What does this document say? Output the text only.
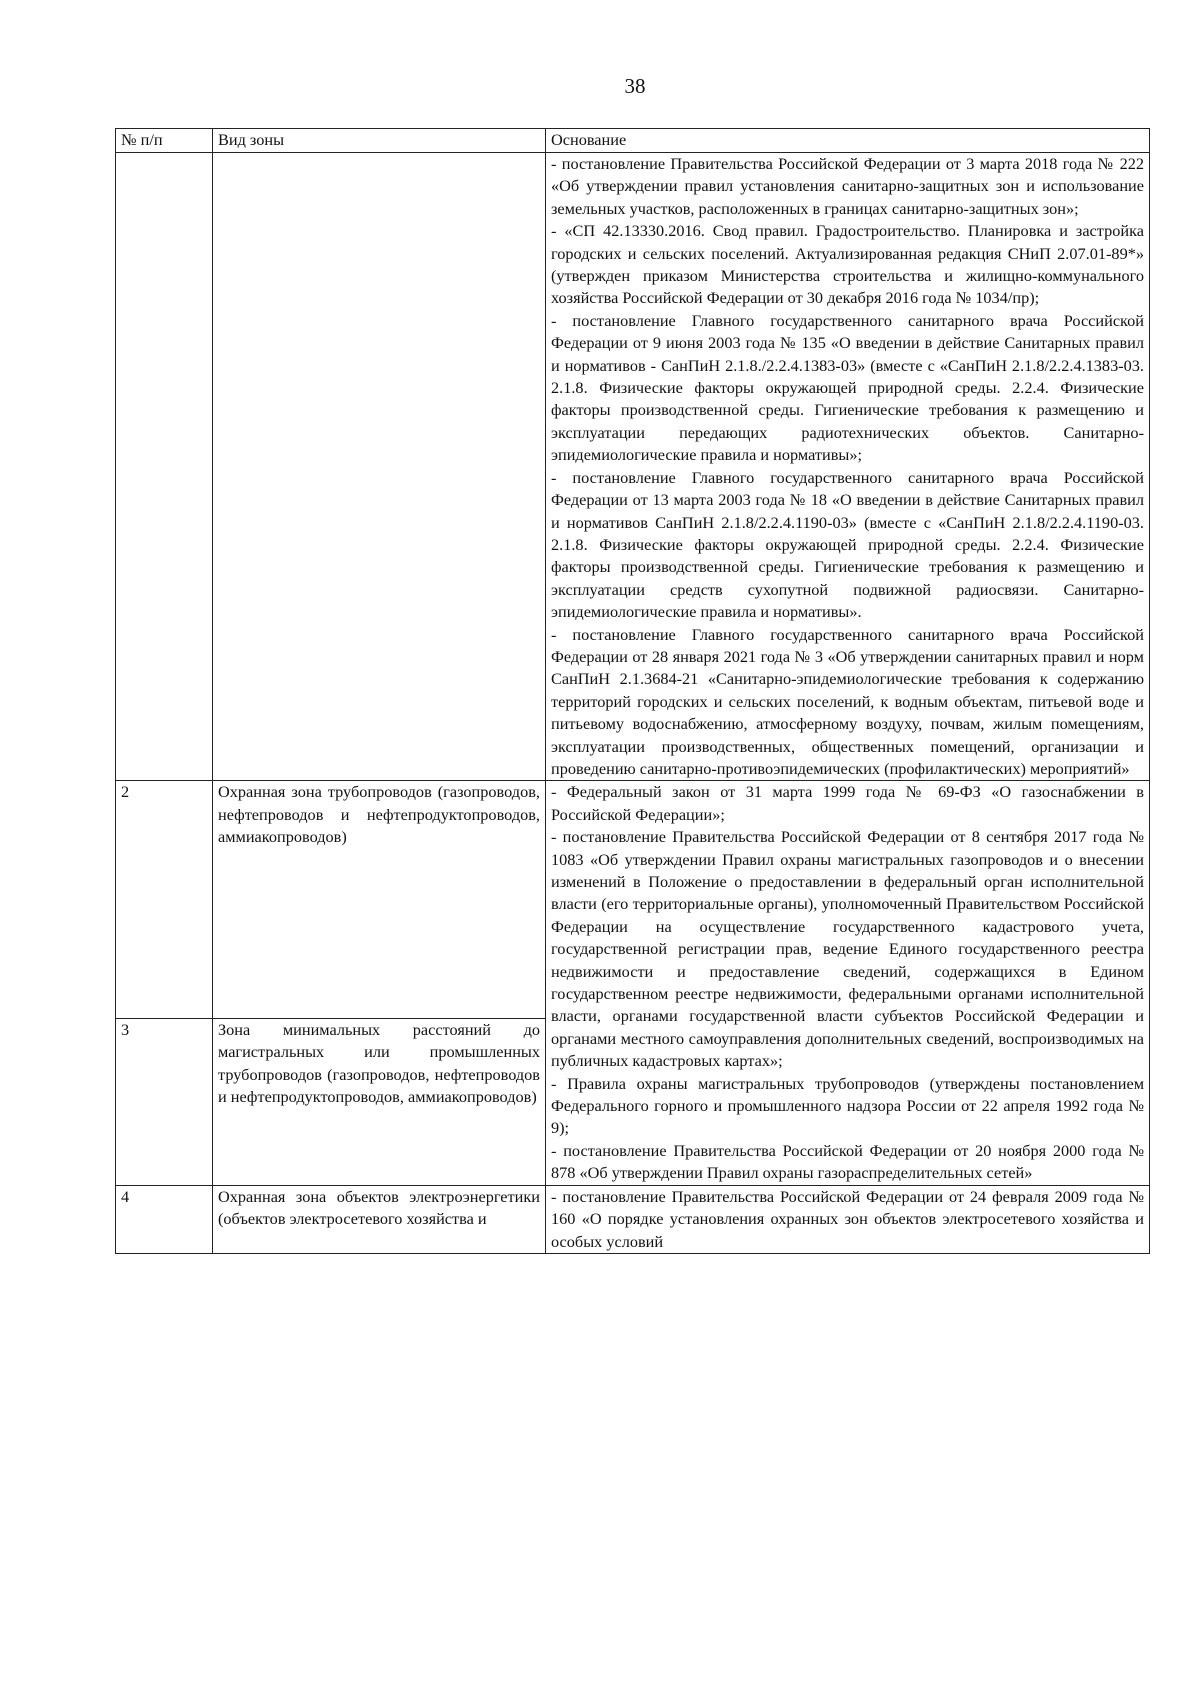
38
№ п/п	Вид зоны	Основание

		- постановление Правительства Российской Федерации от 3 марта 2018 года № 222 «Об утверждении правил установления санитарно-защитных зон и использование земельных участков, расположенных в границах санитарно-защитных зон»;
- «СП 42.13330.2016. Свод правил. Градостроительство. Планировка и застройка городских и сельских поселений. Актуализированная редакция СНиП 2.07.01-89*» (утвержден приказом Министерства строительства и жилищно-коммунального хозяйства Российской Федерации от 30 декабря 2016 года № 1034/пр);
- постановление Главного государственного санитарного врача Российской Федерации от 9 июня 2003 года № 135 «О введении в действие Санитарных правил и нормативов - СанПиН 2.1.8./2.2.4.1383-03» (вместе с «СанПиН 2.1.8/2.2.4.1383-03. 2.1.8. Физические факторы окружающей природной среды. 2.2.4. Физические факторы производственной среды. Гигиенические требования к размещению и эксплуатации передающих радиотехнических объектов. Санитарно-эпидемиологические правила и нормативы»;
- постановление Главного государственного санитарного врача Российской Федерации от 13 марта 2003 года № 18 «О введении в действие Санитарных правил и нормативов СанПиН 2.1.8/2.2.4.1190-03» (вместе с «СанПиН 2.1.8/2.2.4.1190-03. 2.1.8. Физические факторы окружающей природной среды. 2.2.4. Физические факторы производственной среды. Гигиенические требования к размещению и эксплуатации средств сухопутной подвижной радиосвязи. Санитарно-эпидемиологические правила и нормативы».
- постановление Главного государственного санитарного врача Российской Федерации от 28 января 2021 года № 3 «Об утверждении санитарных правил и норм СанПиН 2.1.3684-21 «Санитарно-эпидемиологические требования к содержанию территорий городских и сельских поселений, к водным объектам, питьевой воде и питьевому водоснабжению, атмосферному воздуху, почвам, жилым помещениям, эксплуатации производственных, общественных помещений, организации и проведению санитарно-противоэпидемических (профилактических) мероприятий»

2	Охранная зона трубопроводов (газопроводов, нефтепроводов и нефтепродуктопроводов, аммиакопроводов)	- Федеральный закон от 31 марта 1999 года № 69-ФЗ «О газоснабжении в Российской Федерации»;
- постановление Правительства Российской Федерации от 8 сентября 2017 года № 1083 «Об утверждении Правил охраны магистральных газопроводов и о внесении изменений в Положение о предоставлении в федеральный орган исполнительной власти (его территориальные органы), уполномоченный Правительством Российской Федерации на осуществление государственного кадастрового учета, государственной регистрации прав, ведение Единого государственного реестра недвижимости и предоставление сведений, содержащихся в Едином государственном реестре недвижимости, федеральными органами исполнительной власти, органами государственной власти субъектов Российской Федерации и органами местного самоуправления дополнительных сведений, воспроизводимых на публичных кадастровых картах»;
- Правила охраны магистральных трубопроводов (утверждены постановлением Федерального горного и промышленного надзора России от 22 апреля 1992 года № 9);
- постановление Правительства Российской Федерации от 20 ноября 2000 года № 878 «Об утверждении Правил охраны газораспределительных сетей»

3	Зона минимальных расстояний до магистральных или промышленных трубопроводов (газопроводов, нефтепроводов и нефтепродуктопроводов, аммиакопроводов)	
4	Охранная зона объектов электроэнергетики (объектов электросетевого хозяйства и	- постановление Правительства Российской Федерации от 24 февраля 2009 года № 160 «О порядке установления охранных зон объектов электросетевого хозяйства и особых условий
